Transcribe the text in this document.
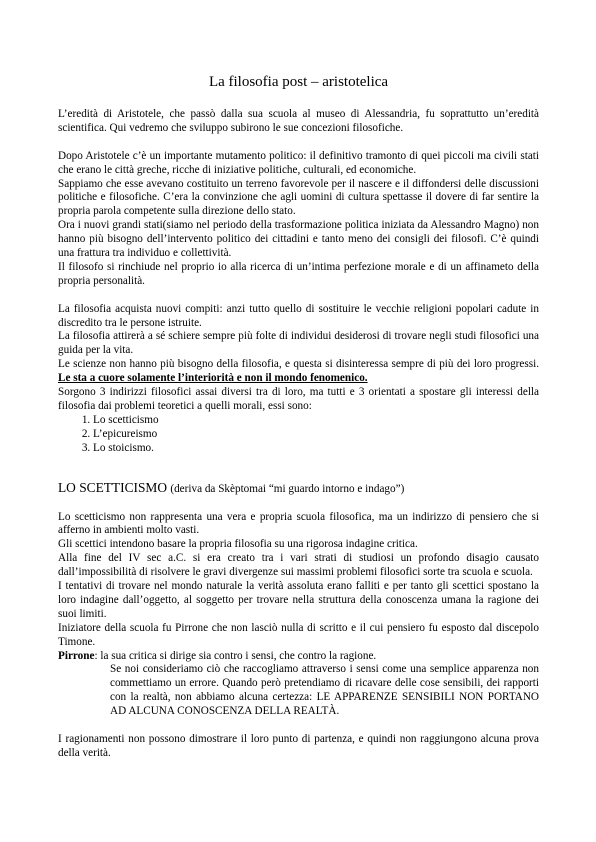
La filosofia post – aristotelica

L’eredità di Aristotele, che passò dalla sua scuola al museo di Alessandria, fu soprattutto un’eredità scientifica. Qui vedremo che sviluppo subirono le sue concezioni filosofiche.

Dopo Aristotele c’è un importante mutamento politico: il definitivo tramonto di quei piccoli ma civili stati che erano le città greche, ricche di iniziative politiche, culturali, ed economiche.

Sappiamo che esse avevano costituito un terreno favorevole per il nascere e il diffondersi delle discussioni politiche e filosofiche. C’era la convinzione che agli uomini di cultura spettasse il dovere di far sentire la propria parola competente sulla direzione dello stato.

Ora i nuovi grandi stati(siamo nel periodo della trasformazione politica iniziata da Alessandro Magno) non hanno più bisogno dell’intervento politico dei cittadini e tanto meno dei consigli dei filosofi. C’è quindi una frattura tra individuo e collettività.

Il filosofo si rinchiude nel proprio io alla ricerca di un’intima perfezione morale e di un affinameto della propria personalità.

La filosofia acquista nuovi compiti: anzi tutto quello di sostituire le vecchie religioni popolari cadute in discredito tra le persone istruite.

La filosofia attirerà a sé schiere sempre più folte di individui desiderosi di trovare negli studi filosofici una guida per la vita.

Le scienze non hanno più bisogno della filosofia, e questa si disinteressa sempre di più dei loro progressi. Le sta a cuore solamente l’interiorità e non il mondo fenomenico.

Sorgono 3 indirizzi filosofici assai diversi tra di loro, ma tutti e 3 orientati a spostare gli interessi della filosofia dai problemi teoretici a quelli morali, essi sono:

1. Lo scetticismo
2. L’epicureismo
3. Lo stoicismo.

LO SCETTICISMO (deriva da Skèptomai “mi guardo intorno e indago”)

Lo scetticismo non rappresenta una vera e propria scuola filosofica, ma un indirizzo di pensiero che si afferno in ambienti molto vasti.

Gli scettici intendono basare la propria filosofia su una rigorosa indagine critica.

Alla fine del IV sec a.C. si era creato tra i vari strati di studiosi un profondo disagio causato dall’impossibilità di risolvere le gravi divergenze sui massimi problemi filosofici sorte tra scuola e scuola.

I tentativi di trovare nel mondo naturale la verità assoluta erano falliti e per tanto gli scettici spostano la loro indagine dall’oggetto, al soggetto per trovare nella struttura della conoscenza umana la ragione dei suoi limiti.

Iniziatore della scuola fu Pirrone che non lasciò nulla di scritto e il cui pensiero fu esposto dal discepolo Timone.

Pirrone: la sua critica si dirige sia contro i sensi, che contro la ragione.

Se noi consideriamo ciò che raccogliamo attraverso i sensi come una semplice apparenza non commettiamo un errore. Quando però pretendiamo di ricavare delle cose sensibili, dei rapporti con la realtà, non abbiamo alcuna certezza: LE APPARENZE SENSIBILI NON PORTANO AD ALCUNA CONOSCENZA DELLA REALTÀ.

I ragionamenti non possono dimostrare il loro punto di partenza, e quindi non raggiungono alcuna prova della verità.
